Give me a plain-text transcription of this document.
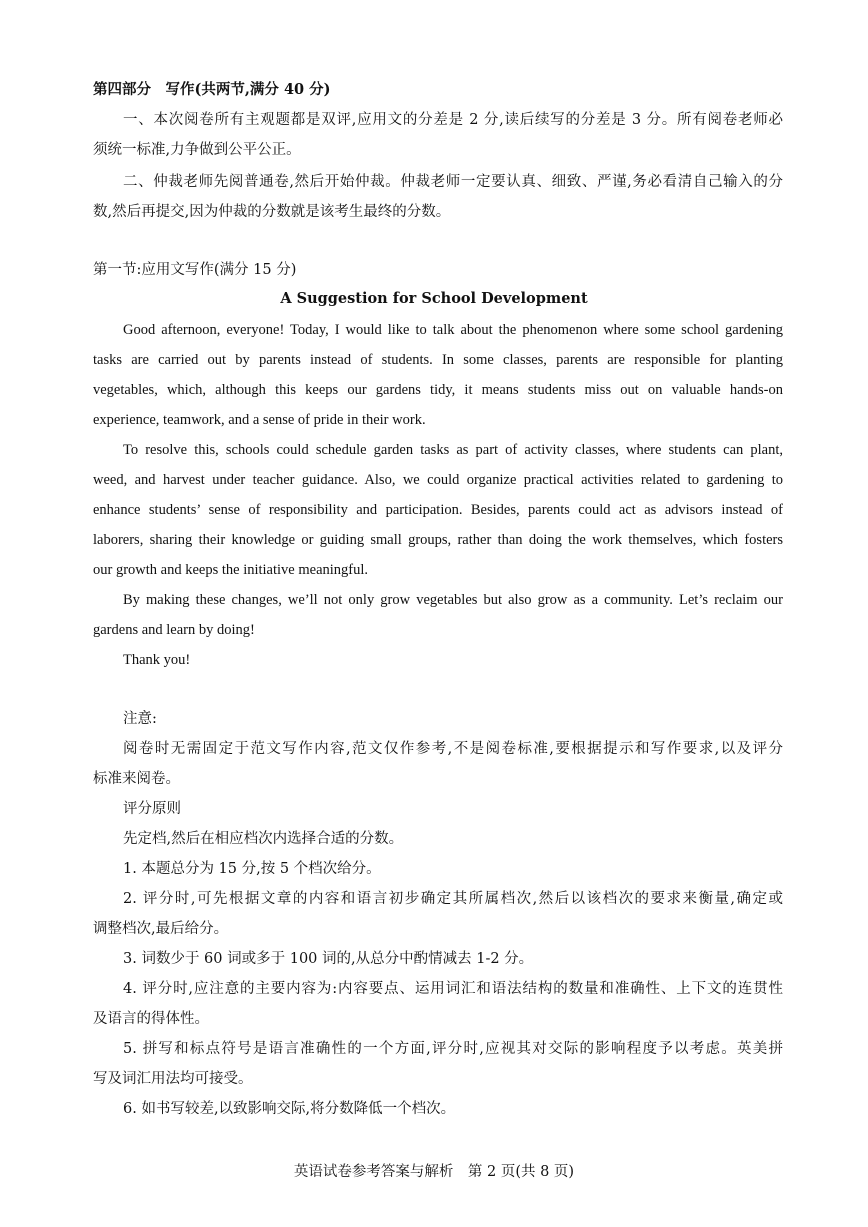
第四部分　写作(共两节,满分 40 分)
一、本次阅卷所有主观题都是双评,应用文的分差是 2 分,读后续写的分差是 3 分。所有阅卷老师必
须统一标准,力争做到公平公正。
二、仲裁老师先阅普通卷,然后开始仲裁。仲裁老师一定要认真、细致、严谨,务必看清自己输入的分
数,然后再提交,因为仲裁的分数就是该考生最终的分数。
第一节:应用文写作(满分 15 分)
A Suggestion for School Development
Good afternoon, everyone! Today, I would like to talk about the phenomenon where some school gardening
tasks are carried out by parents instead of students. In some classes, parents are responsible for planting
vegetables, which, although this keeps our gardens tidy, it means students miss out on valuable hands-on
experience, teamwork, and a sense of pride in their work.
To resolve this, schools could schedule garden tasks as part of activity classes, where students can plant,
weed, and harvest under teacher guidance. Also, we could organize practical activities related to gardening to
enhance students’ sense of responsibility and participation. Besides, parents could act as advisors instead of
laborers, sharing their knowledge or guiding small groups, rather than doing the work themselves, which fosters
our growth and keeps the initiative meaningful.
By making these changes, we’ll not only grow vegetables but also grow as a community. Let’s reclaim our
gardens and learn by doing!
Thank you!
注意:
阅卷时无需固定于范文写作内容,范文仅作参考,不是阅卷标准,要根据提示和写作要求,以及评分
标准来阅卷。
评分原则
先定档,然后在相应档次内选择合适的分数。
1. 本题总分为 15 分,按 5 个档次给分。
2. 评分时,可先根据文章的内容和语言初步确定其所属档次,然后以该档次的要求来衡量,确定或
调整档次,最后给分。
3. 词数少于 60 词或多于 100 词的,从总分中酌情减去 1-2 分。
4. 评分时,应注意的主要内容为:内容要点、运用词汇和语法结构的数量和准确性、上下文的连贯性
及语言的得体性。
5. 拼写和标点符号是语言准确性的一个方面,评分时,应视其对交际的影响程度予以考虑。英美拼
写及词汇用法均可接受。
6. 如书写较差,以致影响交际,将分数降低一个档次。
英语试卷参考答案与解析　第 2 页(共 8 页)
